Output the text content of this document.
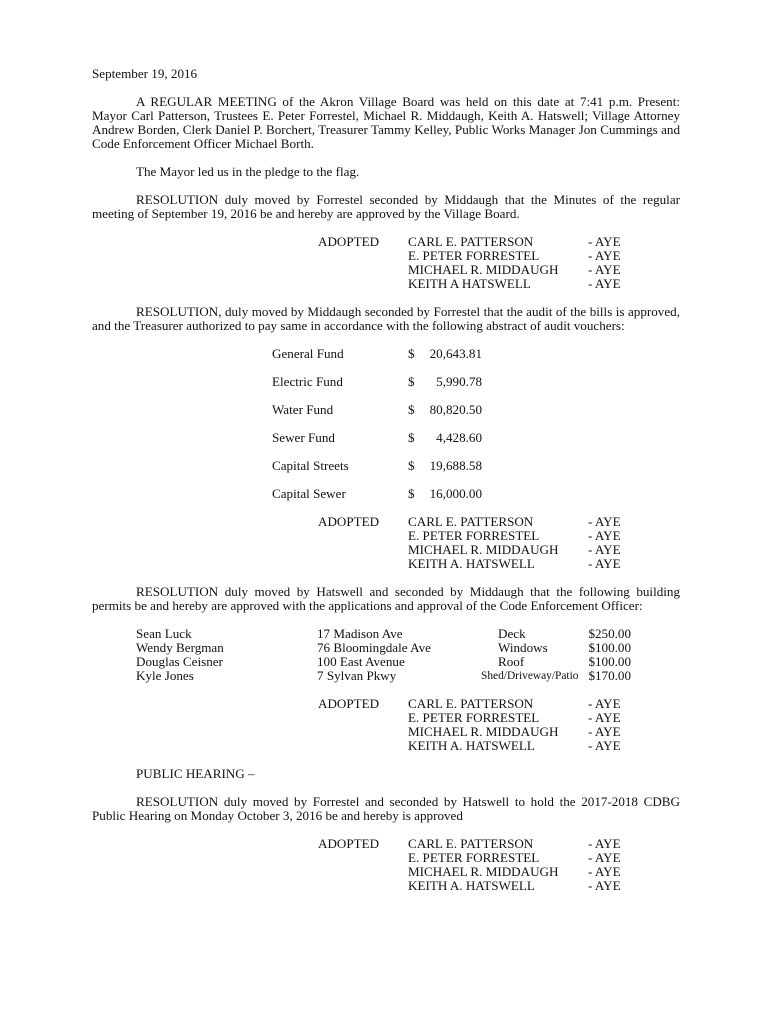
September 19, 2016

A REGULAR MEETING of the Akron Village Board was held on this date at 7:41 p.m. Present: Mayor Carl Patterson, Trustees E. Peter Forrestel, Michael R. Middaugh, Keith A. Hatswell; Village Attorney Andrew Borden, Clerk Daniel P. Borchert, Treasurer Tammy Kelley, Public Works Manager Jon Cummings and Code Enforcement Officer Michael Borth.

The Mayor led us in the pledge to the flag.

RESOLUTION duly moved by Forrestel seconded by Middaugh that the Minutes of the regular meeting of September 19, 2016 be and hereby are approved by the Village Board.

ADOPTED CARL E. PATTERSON	- AYE
E. PETER FORRESTEL	- AYE
MICHAEL R. MIDDAUGH - AYE
KEITH A HATSWELL	- AYE

RESOLUTION, duly moved by Middaugh seconded by Forrestel that the audit of the bills is approved, and the Treasurer authorized to pay same in accordance with the following abstract of audit vouchers:

General Fund	$	20,643.81
Electric Fund	$	5,990.78
Water Fund	$	80,820.50
Sewer Fund	$	4,428.60
Capital Streets	$	19,688.58
Capital Sewer	$	16,000.00
ADOPTED CARL E. PATTERSON	- AYE
E. PETER FORRESTEL	- AYE
MICHAEL R. MIDDAUGH - AYE
KEITH A. HATSWELL	- AYE

RESOLUTION duly moved by Hatswell and seconded by Middaugh that the following building permits be and hereby are approved with the applications and approval of the Code Enforcement Officer:

Sean Luck	17 Madison Ave	Deck	$250.00
Wendy Bergman	76 Bloomingdale Ave	Windows	$100.00
Douglas Ceisner	100 East Avenue	Roof	$100.00
Kyle Jones	7 Sylvan Pkwy	Shed/Driveway/Patio $170.00
ADOPTED CARL E. PATTERSON	- AYE
E. PETER FORRESTEL	- AYE
MICHAEL R. MIDDAUGH - AYE
KEITH A. HATSWELL	- AYE

PUBLIC HEARING –

RESOLUTION duly moved by Forrestel and seconded by Hatswell to hold the 2017-2018 CDBG Public Hearing on Monday October 3, 2016 be and hereby is approved

ADOPTED CARL E. PATTERSON	- AYE
E. PETER FORRESTEL	- AYE
MICHAEL R. MIDDAUGH - AYE
KEITH A. HATSWELL	- AYE
